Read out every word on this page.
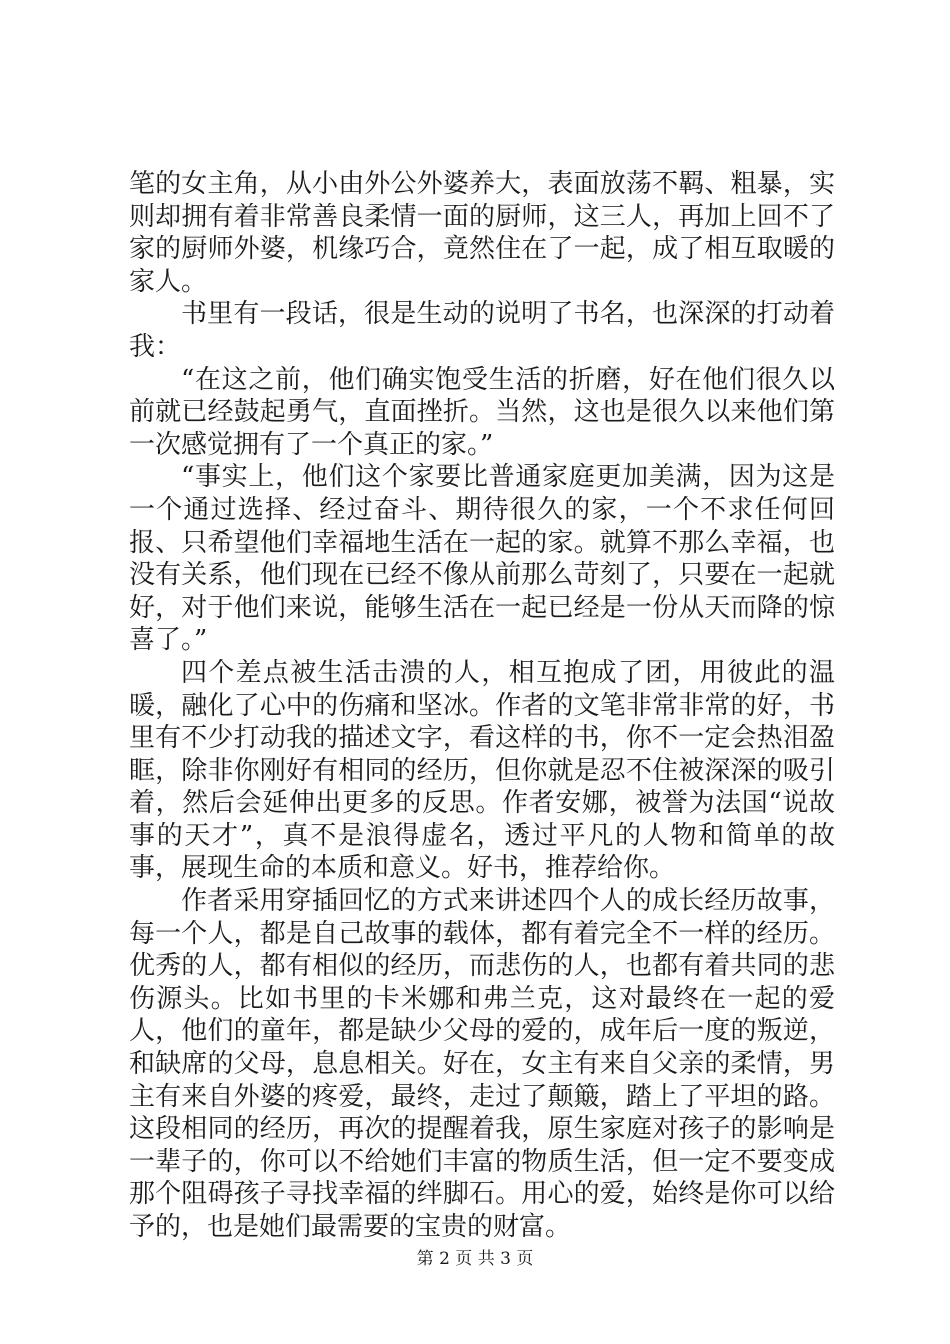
笔的女主角，从小由外公外婆养大，表面放荡不羁、粗暴，实则却拥有着非常善良柔情一面的厨师，这三人，再加上回不了家的厨师外婆，机缘巧合，竟然住在了一起，成了相互取暖的家人。

书里有一段话，很是生动的说明了书名，也深深的打动着我：

“在这之前，他们确实饱受生活的折磨，好在他们很久以前就已经鼓起勇气，直面挫折。当然，这也是很久以来他们第一次感觉拥有了一个真正的家。”

“事实上，他们这个家要比普通家庭更加美满，因为这是一个通过选择、经过奋斗、期待很久的家，一个不求任何回报、只希望他们幸福地生活在一起的家。就算不那么幸福，也没有关系，他们现在已经不像从前那么苛刻了，只要在一起就好，对于他们来说，能够生活在一起已经是一份从天而降的惊喜了。”

四个差点被生活击溃的人，相互抱成了团，用彼此的温暖，融化了心中的伤痛和坚冰。作者的文笔非常非常的好，书里有不少打动我的描述文字，看这样的书，你不一定会热泪盈眶，除非你刚好有相同的经历，但你就是忍不住被深深的吸引着，然后会延伸出更多的反思。作者安娜，被誉为法国“说故事的天才”，真不是浪得虚名，透过平凡的人物和简单的故事，展现生命的本质和意义。好书，推荐给你。

作者采用穿插回忆的方式来讲述四个人的成长经历故事，每一个人，都是自己故事的载体，都有着完全不一样的经历。优秀的人，都有相似的经历，而悲伤的人，也都有着共同的悲伤源头。比如书里的卡米娜和弗兰克，这对最终在一起的爱人，他们的童年，都是缺少父母的爱的，成年后一度的叛逆，和缺席的父母，息息相关。好在，女主有来自父亲的柔情，男主有来自外婆的疼爱，最终，走过了颠簸，踏上了平坦的路。这段相同的经历，再次的提醒着我，原生家庭对孩子的影响是一辈子的，你可以不给她们丰富的物质生活，但一定不要变成那个阻碍孩子寻找幸福的绊脚石。用心的爱，始终是你可以给予的，也是她们最需要的宝贵的财富。

第 2 页 共 3 页
